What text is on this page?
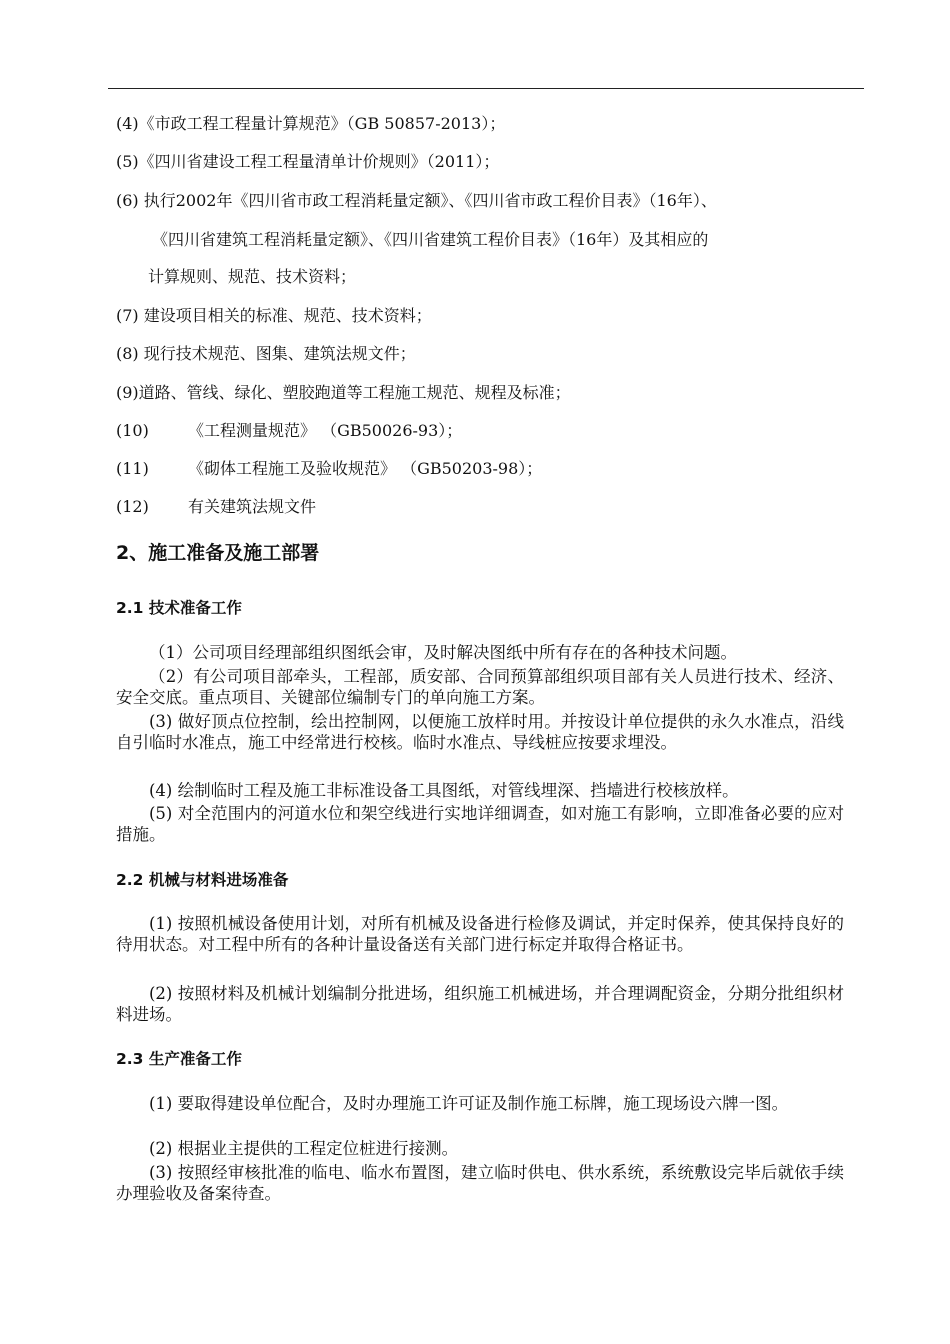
(4)《市政工程工程量计算规范》（GB 50857-2013）；
(5)《四川省建设工程工程量清单计价规则》（2011）；
(6) 执行2002年《四川省市政工程消耗量定额》、《四川省市政工程价目表》（16年）、
《四川省建筑工程消耗量定额》、《四川省建筑工程价目表》（16年）及其相应的
计算规则、规范、技术资料；
(7) 建设项目相关的标准、规范、技术资料；
(8) 现行技术规范、图集、建筑法规文件；
(9)道路、管线、绿化、塑胶跑道等工程施工规范、规程及标准；
(10) 《工程测量规范》 （GB50026-93）；
(11) 《砌体工程施工及验收规范》 （GB50203-98）；
(12) 有关建筑法规文件
2、施工准备及施工部署
2.1 技术准备工作
（1）公司项目经理部组织图纸会审，及时解决图纸中所有存在的各种技术问题。
（2）有公司项目部牵头，工程部，质安部、合同预算部组织项目部有关人员进行技术、经济、安全交底。重点项目、关键部位编制专门的单向施工方案。
(3) 做好顶点位控制，绘出控制网，以便施工放样时用。并按设计单位提供的永久水准点，沿线自引临时水准点，施工中经常进行校核。临时水准点、导线桩应按要求埋没。
(4) 绘制临时工程及施工非标准设备工具图纸，对管线埋深、挡墙进行校核放样。
(5) 对全范围内的河道水位和架空线进行实地详细调查，如对施工有影响，立即准备必要的应对措施。
2.2 机械与材料进场准备
(1) 按照机械设备使用计划，对所有机械及设备进行检修及调试，并定时保养，使其保持良好的待用状态。对工程中所有的各种计量设备送有关部门进行标定并取得合格证书。
(2) 按照材料及机械计划编制分批进场，组织施工机械进场，并合理调配资金，分期分批组织材料进场。
2.3 生产准备工作
(1) 要取得建设单位配合，及时办理施工许可证及制作施工标牌，施工现场设六牌一图。
(2) 根据业主提供的工程定位桩进行接测。
(3) 按照经审核批准的临电、临水布置图，建立临时供电、供水系统，系统敷设完毕后就依手续办理验收及备案待查。
